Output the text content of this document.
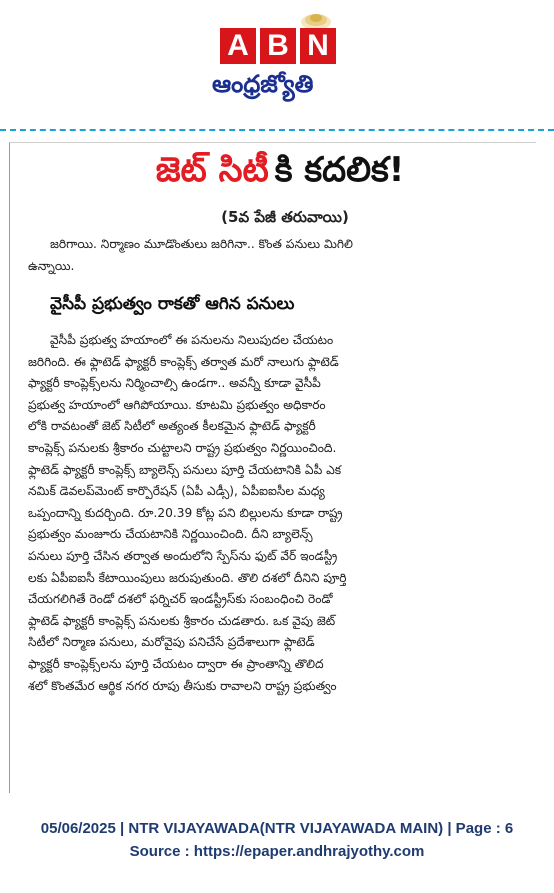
A B N
ఆంధ్రజ్యోతి
జెట్ సిటీ కి కదలిక!
(5వ పేజీ తరువాయి)
జరిగాయి. నిర్మాణం మూడొంతులు జరిగినా.. కొంత పనులు మిగిలి
ఉన్నాయి.
వైసీపీ ప్రభుత్వం రాకతో ఆగిన పనులు
వైసీపీ ప్రభుత్వ హయాంలో ఈ పనులను నిలుపుదల చేయటం
జరిగింది. ఈ ఫ్లాటెడ్ ఫ్యాక్టరీ కాంప్లెక్స్ తర్వాత మరో నాలుగు ఫ్లాటెడ్
ఫ్యాక్టరీ కాంప్లెక్స్‌లను నిర్మించాల్సి ఉండగా.. అవన్నీ కూడా వైసీపీ
ప్రభుత్వ హయాంలో ఆగిపోయాయి. కూటమి ప్రభుత్వం అధికారం
లోకి రావటంతో జెట్ సిటీలో అత్యంత కీలకమైన ఫ్లాటెడ్ ఫ్యాక్టరీ
కాంప్లెక్స్ పనులకు శ్రీకారం చుట్టాలని రాష్ట్ర ప్రభుత్వం నిర్ణయించింది.
ఫ్లాటెడ్ ఫ్యాక్టరీ కాంప్లెక్స్ బ్యాలెన్స్ పనులు పూర్తి చేయటానికి ఏపీ ఎక
నమిక్ డెవలప్‌మెంట్ కార్పొరేషన్ (ఏపీ ఎడ్సీ), ఏపీఐఐసీల మధ్య
ఒప్పందాన్ని కుదర్చింది. రూ.20.39 కోట్ల పని బిల్లులను కూడా రాష్ట్ర
ప్రభుత్వం మంజూరు చేయటానికి నిర్ణయించింది. దీని బ్యాలెన్స్
పనులు పూర్తి చేసిన తర్వాత అందులోని స్పేస్‌ను ఫుట్ వేర్ ఇండస్ట్రీ
లకు ఏపీఐఐసీ కేటాయింపులు జరుపుతుంది. తొలి దశలో దీనిని పూర్తి
చేయగలిగితే రెండో దశలో ఫర్నిచర్ ఇండస్ట్రీస్‌కు సంబంధించి రెండో
ఫ్లాటెడ్ ఫ్యాక్టరీ కాంప్లెక్స్ పనులకు శ్రీకారం చుడతారు. ఒక వైపు జెట్
సిటీలో నిర్మాణ పనులు, మరోవైపు పనిచేసే ప్రదేశాలుగా ఫ్లాటెడ్
ఫ్యాక్టరీ కాంప్లెక్స్‌లను పూర్తి చేయటం ద్వారా ఈ ప్రాంతాన్ని తొలిద
శలో కొంతమేర ఆర్థిక నగర రూపు తీసుకు రావాలని రాష్ట్ర ప్రభుత్వం
05/06/2025 | NTR VIJAYAWADA(NTR VIJAYAWADA MAIN) | Page : 6
Source : https://epaper.andhrajyothy.com
